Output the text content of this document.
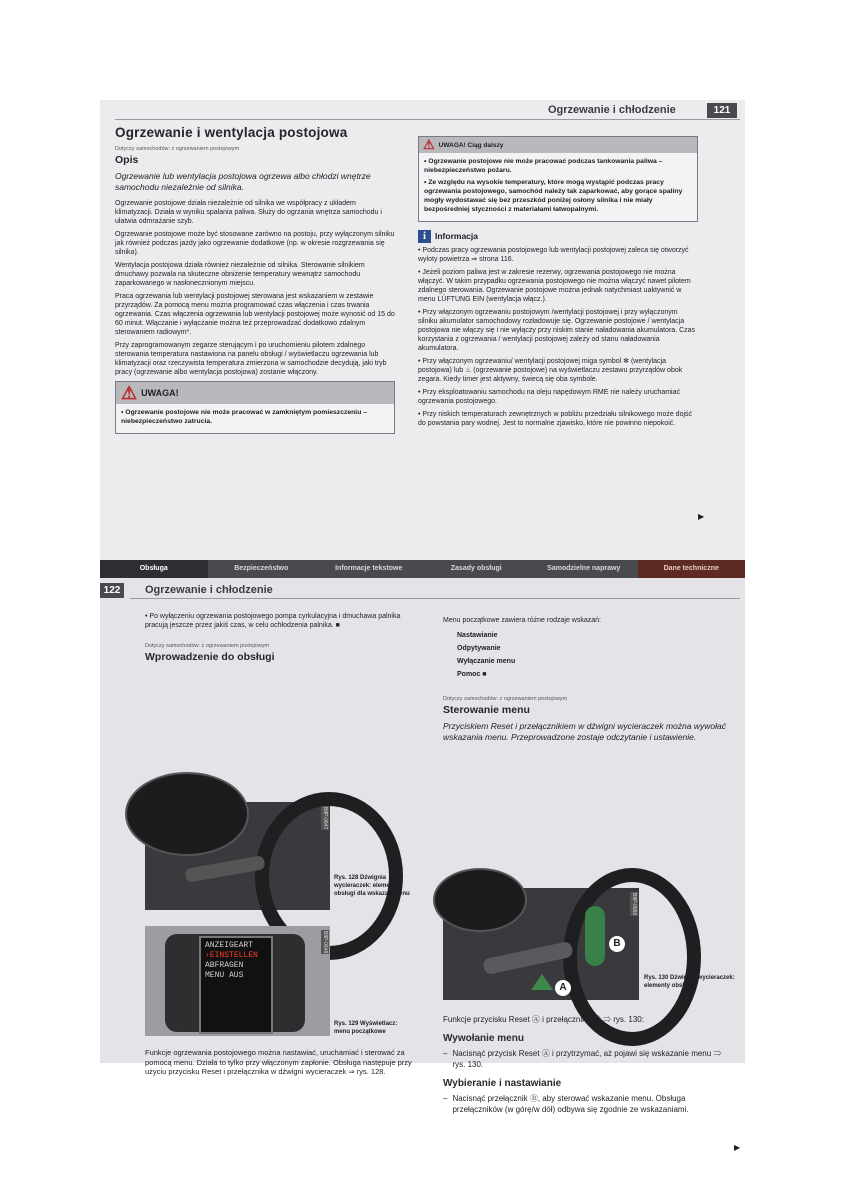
Ogrzewanie i chłodzenie	121
Ogrzewanie i wentylacja postojowa

Dotyczy samochodów: z ogrzewaniem postojowym

Opis

Ogrzewanie lub wentylacja postojowa ogrzewa albo chłodzi wnętrze samochodu niezależnie od silnika.

Ogrzewanie postojowe działa niezależnie od silnika we współpracy z układem klimatyzacji. Działa w wyniku spalania paliwa. Służy do ogrzania wnętrza samochodu i ułatwia odmrażanie szyb.

Ogrzewanie postojowe może być stosowane zarówno na postoju, przy wyłączonym silniku jak również podczas jazdy jako ogrzewanie dodatkowe (np. w okresie rozgrzewania się silnika).

Wentylacja postojowa działa również niezależnie od silnika. Sterowanie silnikiem dmuchawy pozwala na skuteczne obniżenie temperatury wewnątrz samochodu zaparkowanego w nasłonecznionym miejscu.

Praca ogrzewania lub wentylacji postojowej sterowana jest wskazaniem w zestawie przyrządów. Za pomocą menu można programować czas włączenia i czas trwania ogrzewania. Czas włączenia ogrzewania lub wentylacji postojowej może wynosić od 15 do 60 minut. Włączanie i wyłączanie można też przeprowadzać dodatkowo zdalnym sterowaniem radiowym*.

Przy zaprogramowanym zegarze sterującym i po uruchomieniu pilotem zdalnego sterowania temperatura nastawiona na panelu obsługi / wyświetlaczu ogrzewania lub klimatyzacji oraz rzeczywista temperatura zmierzona w samochodzie decydują, jaki tryb pracy (ogrzewanie albo wentylacja postojowa) zostanie włączony.

⚠ UWAGA!

• Ogrzewanie postojowe nie może pracować w zamkniętym pomieszczeniu – niebezpieczeństwo zatrucia.

⚠ UWAGA! Ciąg dalszy

• Ogrzewanie postojowe nie może pracować podczas tankowania paliwa – niebezpieczeństwo pożaru.

• Ze względu na wysokie temperatury, które mogą wystąpić podczas pracy ogrzewania postojowego, samochód należy tak zaparkować, aby gorące spaliny mogły wydostawać się bez przeszkód poniżej osłony silnika i nie miały bezpośredniej styczności z materiałami łatwopalnymi.

i	Informacja

• Podczas pracy ogrzewania postojowego lub wentylacji postojowej zaleca się otworzyć wyloty powietrza ⇒ strona 116.

• Jeżeli poziom paliwa jest w zakresie rezerwy, ogrzewania postojowego nie można włączyć. W takim przypadku ogrzewania postojowego nie można włączyć nawet pilotem zdalnego sterowania. Ogrzewanie postojowe można jednak natychmiast uaktywnić w menu LÜFTUNG EIN (wentylacja włącz.).

• Przy włączonym ogrzewaniu postojowym /wentylacji postojowej i przy wyłączonym silniku akumulator samochodowy rozładowuje się. Ogrzewanie postojowe / wentylacja postojowa nie włączy się i nie wyłączy przy niskim stanie naładowania akumulatora. Czas korzystania z ogrzewania / wentylacji postojowej zależy od stanu naładowania akumulatora.

• Przy włączonym ogrzewaniu/ wentylacji postojowej miga symbol ✻ (wentylacja postojowa) lub ♨ (ogrzewanie postojowe) na wyświetlaczu zestawu przyrządów obok zegara. Kiedy timer jest aktywny, świecą się oba symbole.

• Przy eksploatowaniu samochodu na oleju napędowym RME nie należy uruchamiać ogrzewania postojowego.

• Przy niskich temperaturach zewnętrznych w pobliżu przedziału silnikowego może dojść do powstania pary wodnej. Jest to normalne zjawisko, które nie powinno niepokoić.

▶
Obsługa	Bezpieczeństwo	Informacje tekstowe	Zasady obsługi	Samodzielne naprawy	Dane techniczne
122	Ogrzewanie i chłodzenie

• Po wyłączeniu ogrzewania postojowego pompa cyrkulacyjna i dmuchawa palnika pracują jeszcze przez jakiś czas, w celu ochłodzenia palnika. ■

Dotyczy samochodów: z ogrzewaniem postojowym

Wprowadzenie do obsługi
B8P-0647
Rys. 128 Dźwignia wycieraczek: elementy obsługi dla wskazań menu
ANZEIGEART
›EINSTELLEN
ABFRAGEN
MENU AUS
B8P-0648
Rys. 129 Wyświetlacz: menu początkowe
Funkcje ogrzewania postojowego można nastawiać, uruchamiać i sterować za pomocą menu. Działa to tylko przy włączonym zapłonie. Obsługa następuje przy użyciu przycisku Reset i przełącznika w dźwigni wycieraczek ⇒ rys. 128.

Menu początkowe zawiera różne rodzaje wskazań:

Nastawianie
Odpytywanie
Wyłączanie menu
Pomoc ■

Dotyczy samochodów: z ogrzewaniem postojowym

Sterowanie menu

Przyciskiem Reset i przełącznikiem w dźwigni wycieraczek można wywołać wskazania menu. Przeprowadzone zostaje odczytanie i ustawienie.

B
A
B8P-0650
Rys. 130 Dźwignia wycieraczek: elementy obsługi

Funkcje przycisku Reset Ⓐ i przełącznika Ⓑ ⇒ rys. 130:

Wywołanie menu
– Nacisnąć przycisk Reset Ⓐ i przytrzymać, aż pojawi się wskazanie menu ⇒ rys. 130.
Wybieranie i nastawianie
– Nacisnąć przełącznik Ⓑ, aby sterować wskazanie menu. Obsługa przełączników (w górę/w dół) odbywa się zgodnie ze wskazaniami.
▶
